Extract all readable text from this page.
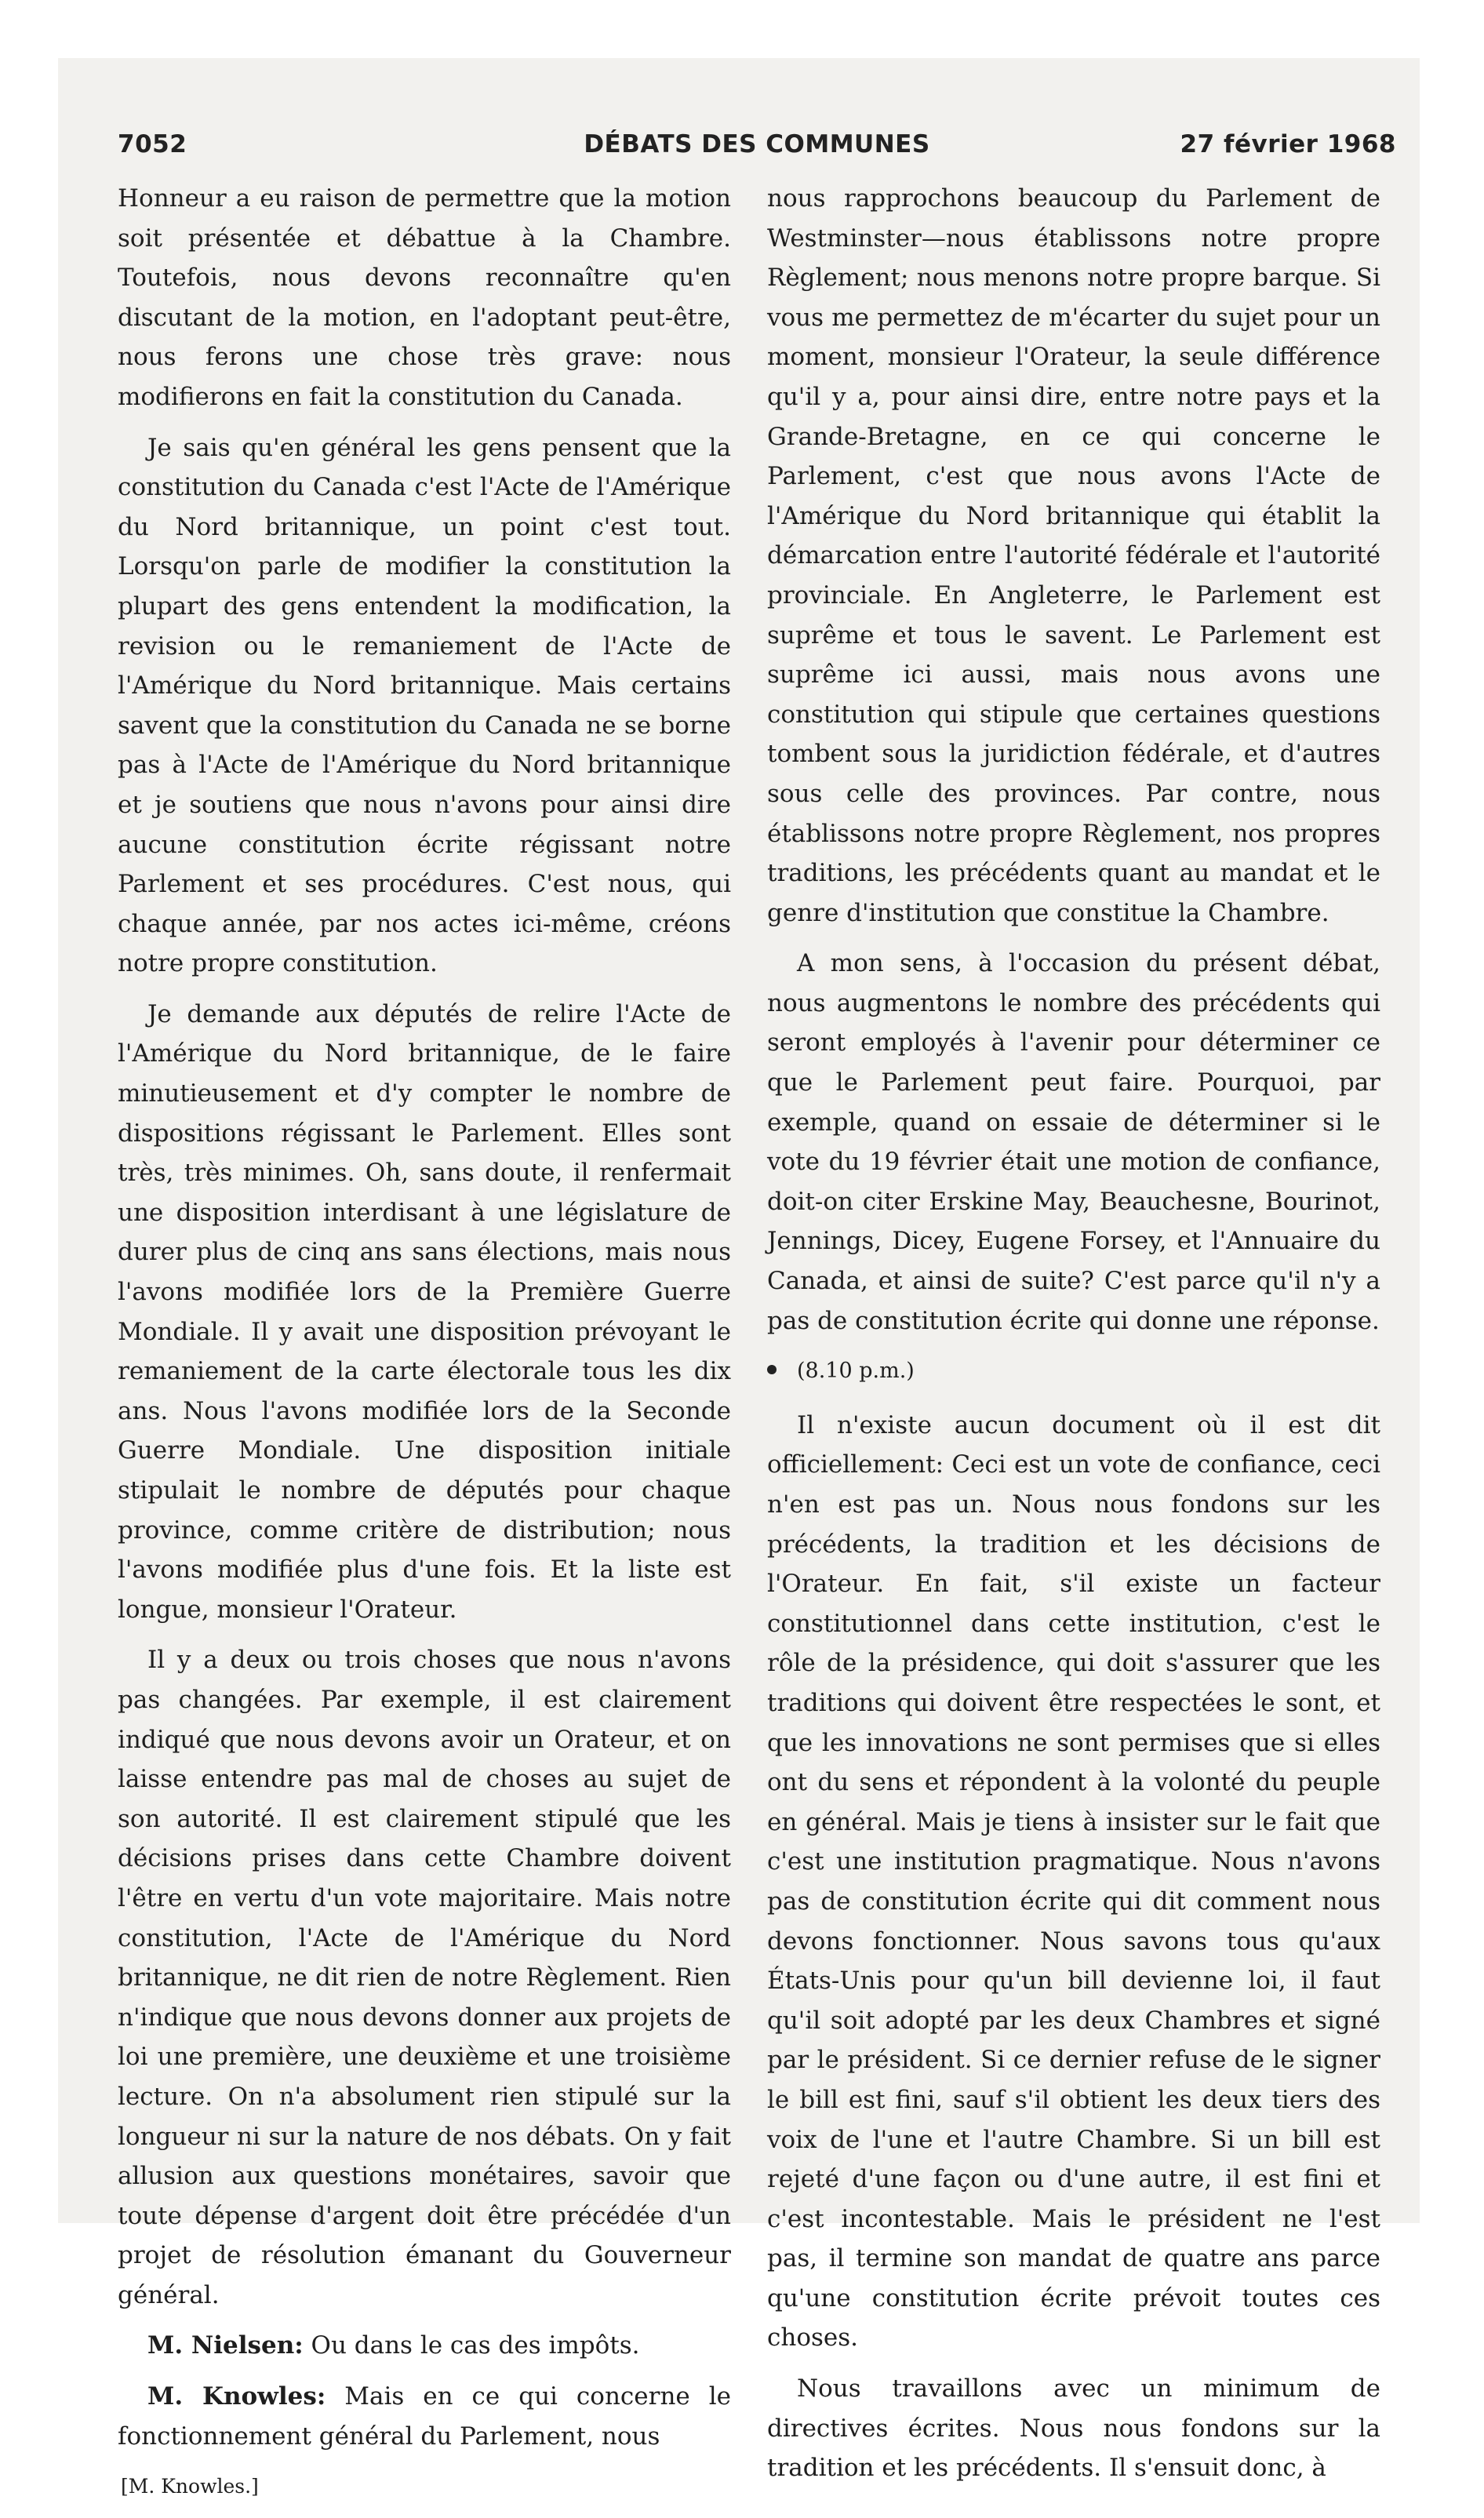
7052	DÉBATS DES COMMUNES	27 février 1968

Honneur a eu raison de permettre que la motion soit présentée et débattue à la Chambre. Toutefois, nous devons reconnaître qu'en discutant de la motion, en l'adoptant peut-être, nous ferons une chose très grave: nous modifierons en fait la constitution du Canada.

Je sais qu'en général les gens pensent que la constitution du Canada c'est l'Acte de l'Amérique du Nord britannique, un point c'est tout. Lorsqu'on parle de modifier la constitution la plupart des gens entendent la modification, la revision ou le remaniement de l'Acte de l'Amérique du Nord britannique. Mais certains savent que la constitution du Canada ne se borne pas à l'Acte de l'Amérique du Nord britannique et je soutiens que nous n'avons pour ainsi dire aucune constitution écrite régissant notre Parlement et ses procédures. C'est nous, qui chaque année, par nos actes ici-même, créons notre propre constitution.

Je demande aux députés de relire l'Acte de l'Amérique du Nord britannique, de le faire minutieusement et d'y compter le nombre de dispositions régissant le Parlement. Elles sont très, très minimes. Oh, sans doute, il renfermait une disposition interdisant à une législature de durer plus de cinq ans sans élections, mais nous l'avons modifiée lors de la Première Guerre Mondiale. Il y avait une disposition prévoyant le remaniement de la carte électorale tous les dix ans. Nous l'avons modifiée lors de la Seconde Guerre Mondiale. Une disposition initiale stipulait le nombre de députés pour chaque province, comme critère de distribution; nous l'avons modifiée plus d'une fois. Et la liste est longue, monsieur l'Orateur.

Il y a deux ou trois choses que nous n'avons pas changées. Par exemple, il est clairement indiqué que nous devons avoir un Orateur, et on laisse entendre pas mal de choses au sujet de son autorité. Il est clairement stipulé que les décisions prises dans cette Chambre doivent l'être en vertu d'un vote majoritaire. Mais notre constitution, l'Acte de l'Amérique du Nord britannique, ne dit rien de notre Règlement. Rien n'indique que nous devons donner aux projets de loi une première, une deuxième et une troisième lecture. On n'a absolument rien stipulé sur la longueur ni sur la nature de nos débats. On y fait allusion aux questions monétaires, savoir que toute dépense d'argent doit être précédée d'un projet de résolution émanant du Gouverneur général.

M. Nielsen: Ou dans le cas des impôts.

M. Knowles: Mais en ce qui concerne le fonctionnement général du Parlement, nous

[M. Knowles.]

nous rapprochons beaucoup du Parlement de Westminster—nous établissons notre propre Règlement; nous menons notre propre barque. Si vous me permettez de m'écarter du sujet pour un moment, monsieur l'Orateur, la seule différence qu'il y a, pour ainsi dire, entre notre pays et la Grande-Bretagne, en ce qui concerne le Parlement, c'est que nous avons l'Acte de l'Amérique du Nord britannique qui établit la démarcation entre l'autorité fédérale et l'autorité provinciale. En Angleterre, le Parlement est suprême et tous le savent. Le Parlement est suprême ici aussi, mais nous avons une constitution qui stipule que certaines questions tombent sous la juridiction fédérale, et d'autres sous celle des provinces. Par contre, nous établissons notre propre Règlement, nos propres traditions, les précédents quant au mandat et le genre d'institution que constitue la Chambre.

A mon sens, à l'occasion du présent débat, nous augmentons le nombre des précédents qui seront employés à l'avenir pour déterminer ce que le Parlement peut faire. Pourquoi, par exemple, quand on essaie de déterminer si le vote du 19 février était une motion de confiance, doit-on citer Erskine May, Beauchesne, Bourinot, Jennings, Dicey, Eugene Forsey, et l'Annuaire du Canada, et ainsi de suite? C'est parce qu'il n'y a pas de constitution écrite qui donne une réponse.

(8.10 p.m.)

Il n'existe aucun document où il est dit officiellement: Ceci est un vote de confiance, ceci n'en est pas un. Nous nous fondons sur les précédents, la tradition et les décisions de l'Orateur. En fait, s'il existe un facteur constitutionnel dans cette institution, c'est le rôle de la présidence, qui doit s'assurer que les traditions qui doivent être respectées le sont, et que les innovations ne sont permises que si elles ont du sens et répondent à la volonté du peuple en général. Mais je tiens à insister sur le fait que c'est une institution pragmatique. Nous n'avons pas de constitution écrite qui dit comment nous devons fonctionner. Nous savons tous qu'aux États-Unis pour qu'un bill devienne loi, il faut qu'il soit adopté par les deux Chambres et signé par le président. Si ce dernier refuse de le signer le bill est fini, sauf s'il obtient les deux tiers des voix de l'une et l'autre Chambre. Si un bill est rejeté d'une façon ou d'une autre, il est fini et c'est incontestable. Mais le président ne l'est pas, il termine son mandat de quatre ans parce qu'une constitution écrite prévoit toutes ces choses.

Nous travaillons avec un minimum de directives écrites. Nous nous fondons sur la tradition et les précédents. Il s'ensuit donc, à
